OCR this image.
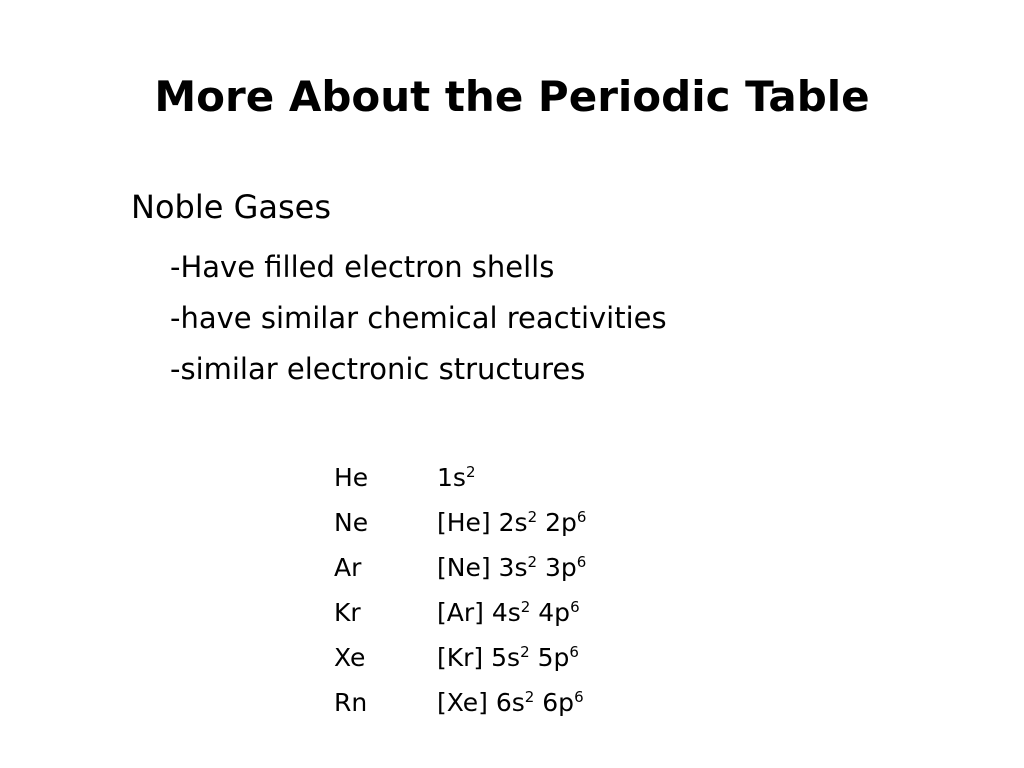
More About the Periodic Table
Noble Gases
-Have filled electron shells
-have similar chemical reactivities
-similar electronic structures
He	$1s^2$
Ne	[He] $2s^2$ $2p^6$
Ar	[Ne] $3s^2$ $3p^6$
Kr	[Ar] $4s^2$ $4p^6$
Xe	[Kr] $5s^2$ $5p^6$
Rn	[Xe] $6s^2$ $6p^6$
